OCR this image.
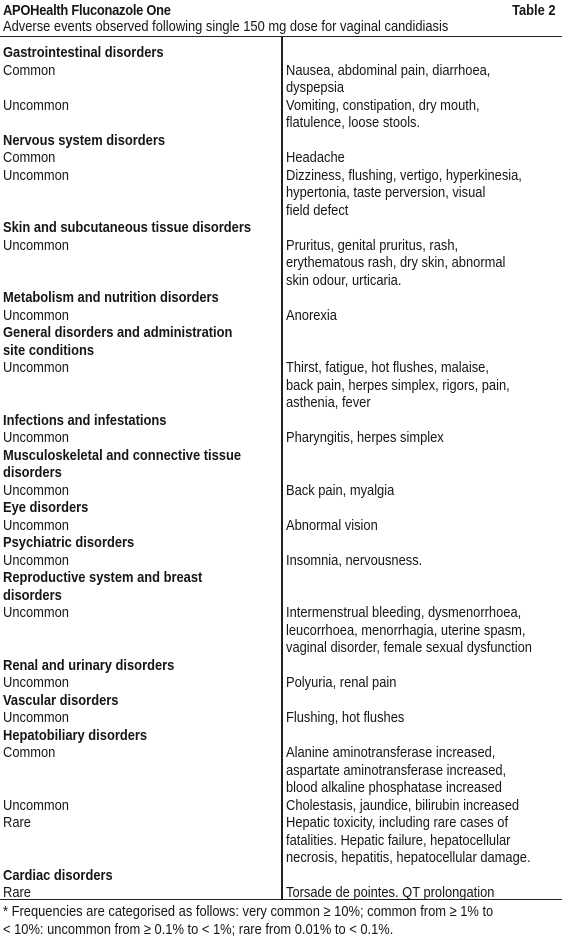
APOHealth Fluconazole One	Table 2
Adverse events observed following single 150 mg dose for vaginal candidiasis
Gastrointestinal disorders
Common
Uncommon
Nervous system disorders
Common
Uncommon
Skin and subcutaneous tissue disorders
Uncommon
Metabolism and nutrition disorders
Uncommon
General disorders and administration
site conditions
Uncommon
Infections and infestations
Uncommon
Musculoskeletal and connective tissue
disorders
Uncommon
Eye disorders
Uncommon
Psychiatric disorders
Uncommon
Reproductive system and breast
disorders
Uncommon
Renal and urinary disorders
Uncommon
Vascular disorders
Uncommon
Hepatobiliary disorders
Common
Uncommon
Rare
Cardiac disorders
Rare
Nausea, abdominal pain, diarrhoea,
dyspepsia
Vomiting, constipation, dry mouth,
flatulence, loose stools.
Headache
Dizziness, flushing, vertigo, hyperkinesia,
hypertonia, taste perversion, visual
field defect
Pruritus, genital pruritus, rash,
erythematous rash, dry skin, abnormal
skin odour, urticaria.
Anorexia
Thirst, fatigue, hot flushes, malaise,
back pain, herpes simplex, rigors, pain,
asthenia, fever
Pharyngitis, herpes simplex
Back pain, myalgia
Abnormal vision
Insomnia, nervousness.
Intermenstrual bleeding, dysmenorrhoea,
leucorrhoea, menorrhagia, uterine spasm,
vaginal disorder, female sexual dysfunction
Polyuria, renal pain
Flushing, hot flushes
Alanine aminotransferase increased,
aspartate aminotransferase increased,
blood alkaline phosphatase increased
Cholestasis, jaundice, bilirubin increased
Hepatic toxicity, including rare cases of
fatalities. Hepatic failure, hepatocellular
necrosis, hepatitis, hepatocellular damage.
Torsade de pointes. QT prolongation
* Frequencies are categorised as follows: very common ≥ 10%; common from ≥ 1% to
< 10%: uncommon from ≥ 0.1% to < 1%; rare from 0.01% to < 0.1%.
